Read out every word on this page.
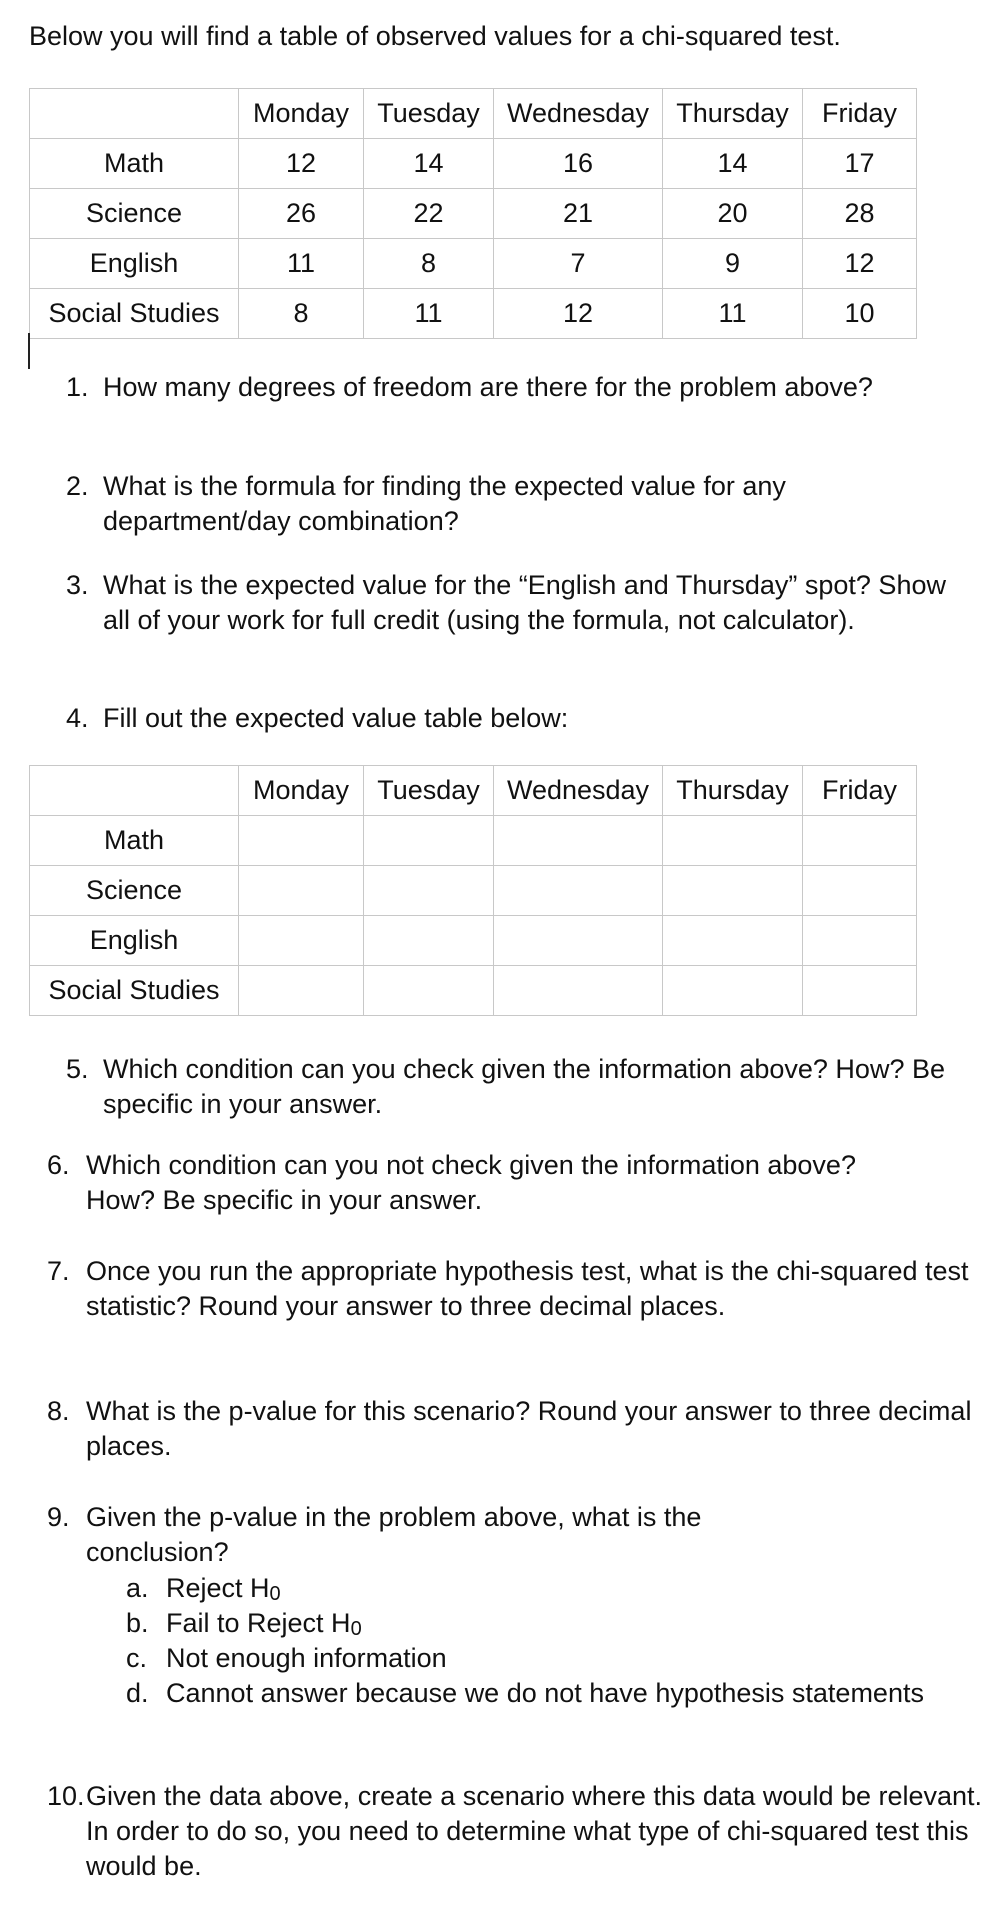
Below you will find a table of observed values for a chi-squared test.
	Monday	Tuesday	Wednesday	Thursday	Friday
Math	12	14	16	14	17
Science	26	22	21	20	28
English	11	8	7	9	12
Social Studies	8	11	12	11	10
1. How many degrees of freedom are there for the problem above?
2. What is the formula for finding the expected value for any department/day combination?
3. What is the expected value for the “English and Thursday” spot? Show all of your work for full credit (using the formula, not calculator).
4. Fill out the expected value table below:
	Monday	Tuesday	Wednesday	Thursday	Friday
Math					
Science					
English					
Social Studies					
5. Which condition can you check given the information above? How? Be specific in your answer.
6. Which condition can you not check given the information above? How? Be specific in your answer.
7. Once you run the appropriate hypothesis test, what is the chi-squared test statistic? Round your answer to three decimal places.
8. What is the p-value for this scenario? Round your answer to three decimal places.
9. Given the p-value in the problem above, what is the conclusion?
a. Reject $H_0$
b. Fail to Reject $H_0$
c. Not enough information
d. Cannot answer because we do not have hypothesis statements
10. Given the data above, create a scenario where this data would be relevant. In order to do so, you need to determine what type of chi-squared test this would be.
